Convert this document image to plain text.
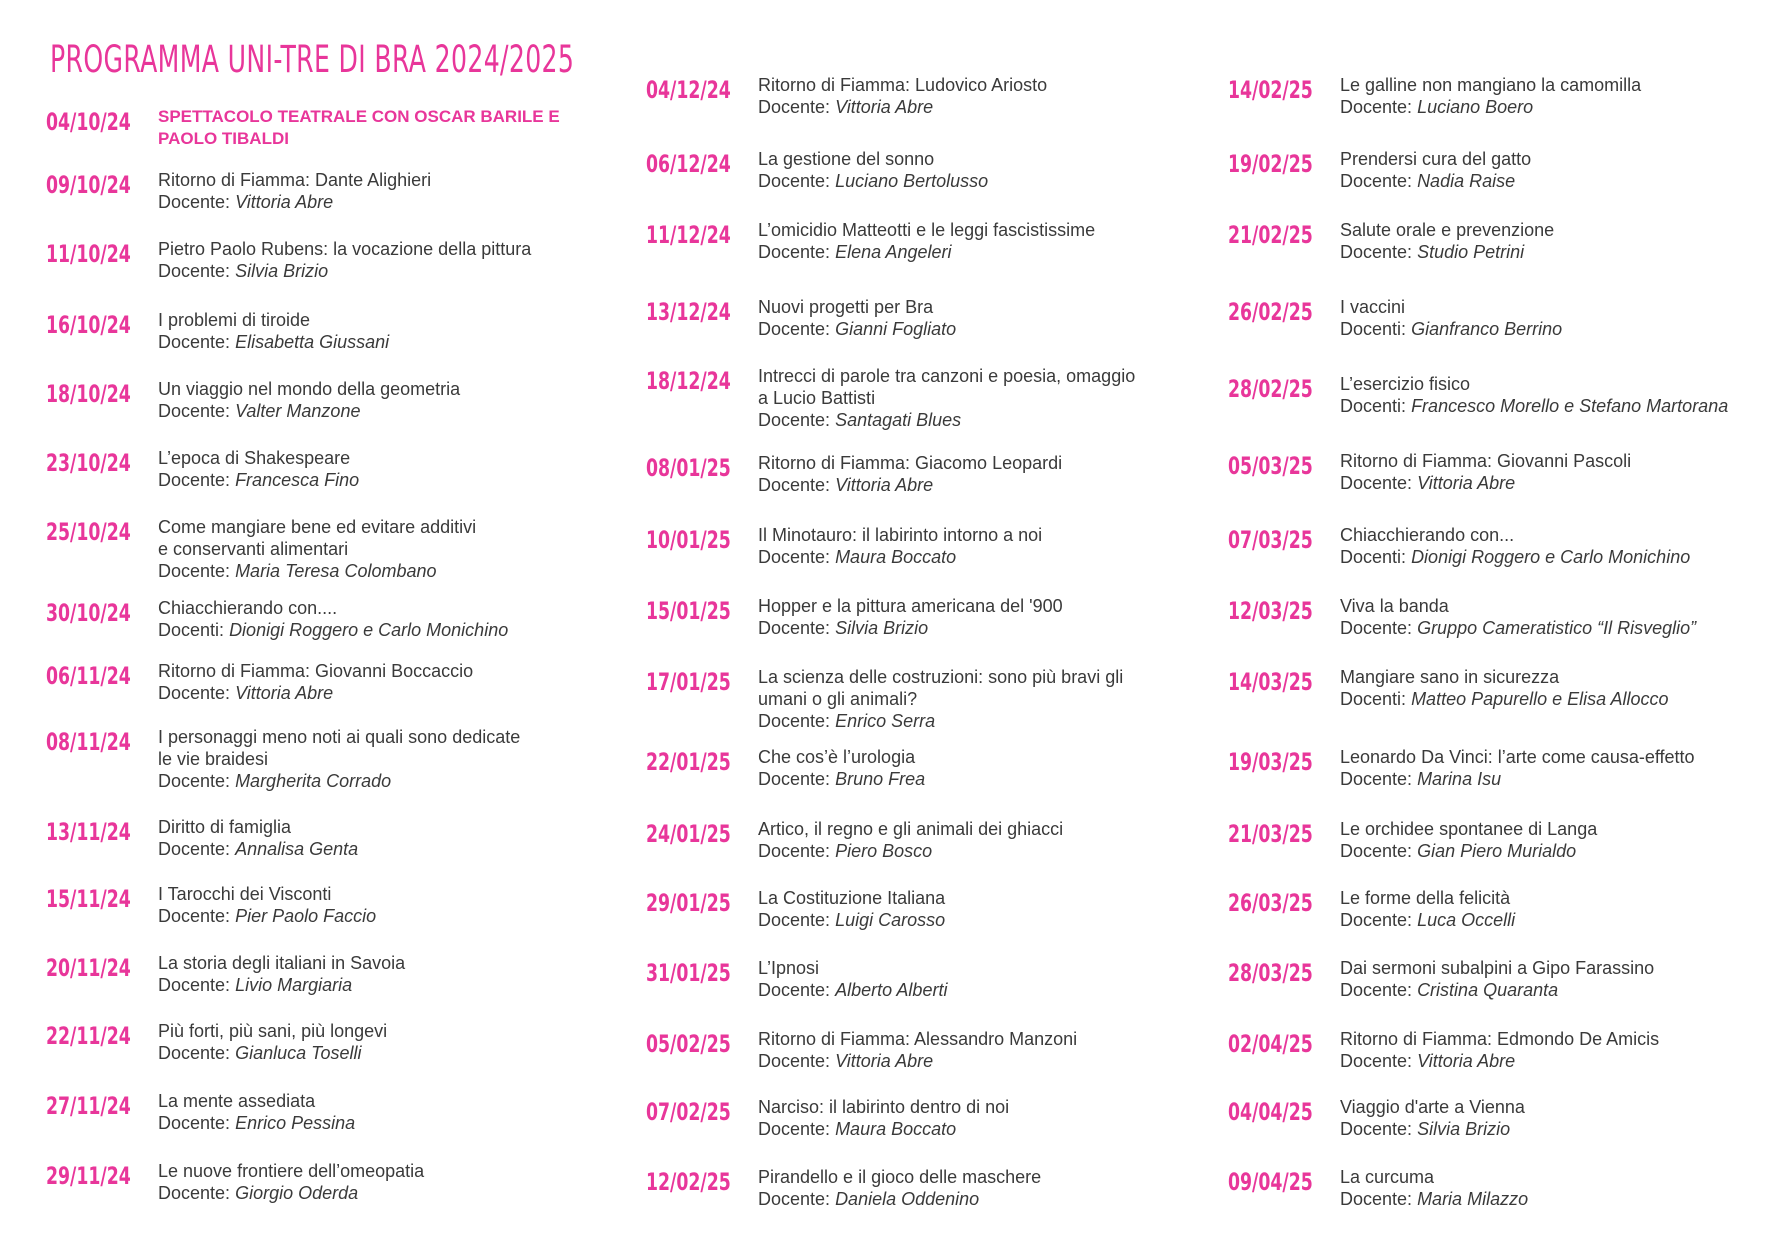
PROGRAMMA UNI-TRE DI BRA 2024/2025
04/10/24 SPETTACOLO TEATRALE CON OSCAR BARILE E
PAOLO TIBALDI
09/10/24 Ritorno di Fiamma: Dante Alighieri
Docente: Vittoria Abre
11/10/24 Pietro Paolo Rubens: la vocazione della pittura
Docente: Silvia Brizio
16/10/24 I problemi di tiroide
Docente: Elisabetta Giussani
18/10/24 Un viaggio nel mondo della geometria
Docente: Valter Manzone
23/10/24 L’epoca di Shakespeare
Docente: Francesca Fino
25/10/24 Come mangiare bene ed evitare additivi
e conservanti alimentari
Docente: Maria Teresa Colombano
30/10/24 Chiacchierando con....
Docenti: Dionigi Roggero e Carlo Monichino
06/11/24 Ritorno di Fiamma: Giovanni Boccaccio
Docente: Vittoria Abre
08/11/24 I personaggi meno noti ai quali sono dedicate
le vie braidesi
Docente: Margherita Corrado
13/11/24 Diritto di famiglia
Docente: Annalisa Genta
15/11/24 I Tarocchi dei Visconti
Docente: Pier Paolo Faccio
20/11/24 La storia degli italiani in Savoia
Docente: Livio Margiaria
22/11/24 Più forti, più sani, più longevi
Docente: Gianluca Toselli
27/11/24 La mente assediata
Docente: Enrico Pessina
29/11/24 Le nuove frontiere dell’omeopatia
Docente: Giorgio Oderda
04/12/24 Ritorno di Fiamma: Ludovico Ariosto
Docente: Vittoria Abre
06/12/24 La gestione del sonno
Docente: Luciano Bertolusso
11/12/24 L’omicidio Matteotti e le leggi fascistissime
Docente: Elena Angeleri
13/12/24 Nuovi progetti per Bra
Docente: Gianni Fogliato
18/12/24 Intrecci di parole tra canzoni e poesia, omaggio
a Lucio Battisti
Docente: Santagati Blues
08/01/25 Ritorno di Fiamma: Giacomo Leopardi
Docente: Vittoria Abre
10/01/25 Il Minotauro: il labirinto intorno a noi
Docente: Maura Boccato
15/01/25 Hopper e la pittura americana del '900
Docente: Silvia Brizio
17/01/25 La scienza delle costruzioni: sono più bravi gli
umani o gli animali?
Docente: Enrico Serra
22/01/25 Che cos’è l’urologia
Docente: Bruno Frea
24/01/25 Artico, il regno e gli animali dei ghiacci
Docente: Piero Bosco
29/01/25 La Costituzione Italiana
Docente: Luigi Carosso
31/01/25 L’Ipnosi
Docente: Alberto Alberti
05/02/25 Ritorno di Fiamma: Alessandro Manzoni
Docente: Vittoria Abre
07/02/25 Narciso: il labirinto dentro di noi
Docente: Maura Boccato
12/02/25 Pirandello e il gioco delle maschere
Docente: Daniela Oddenino
14/02/25 Le galline non mangiano la camomilla
Docente: Luciano Boero
19/02/25 Prendersi cura del gatto
Docente: Nadia Raise
21/02/25 Salute orale e prevenzione
Docente: Studio Petrini
26/02/25 I vaccini
Docenti: Gianfranco Berrino
28/02/25 L’esercizio fisico
Docenti: Francesco Morello e Stefano Martorana
05/03/25 Ritorno di Fiamma: Giovanni Pascoli
Docente: Vittoria Abre
07/03/25 Chiacchierando con...
Docenti: Dionigi Roggero e Carlo Monichino
12/03/25 Viva la banda
Docente: Gruppo Cameratistico “Il Risveglio”
14/03/25 Mangiare sano in sicurezza
Docenti: Matteo Papurello e Elisa Allocco
19/03/25 Leonardo Da Vinci: l’arte come causa-effetto
Docente: Marina Isu
21/03/25 Le orchidee spontanee di Langa
Docente: Gian Piero Murialdo
26/03/25 Le forme della felicità
Docente: Luca Occelli
28/03/25 Dai sermoni subalpini a Gipo Farassino
Docente: Cristina Quaranta
02/04/25 Ritorno di Fiamma: Edmondo De Amicis
Docente: Vittoria Abre
04/04/25 Viaggio d'arte a Vienna
Docente: Silvia Brizio
09/04/25 La curcuma
Docente: Maria Milazzo
